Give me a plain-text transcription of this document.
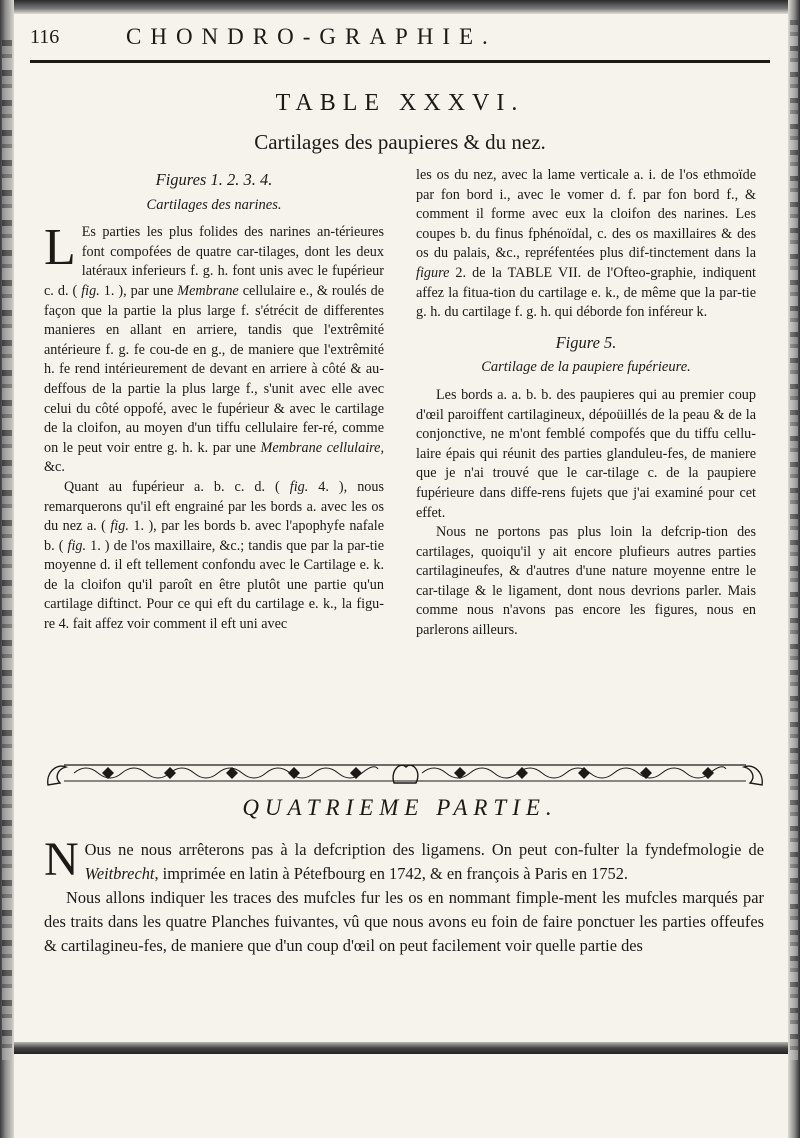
116	CHONDRO-GRAPHIE.
TABLE XXXVI.
Cartilages des paupieres & du nez.
Figures 1. 2. 3. 4.
Cartilages des narines.

L Es parties les plus folides des narines an-térieures font compofées de quatre car-tilages, dont les deux latéraux inferieurs f. g. h. font unis avec le fupérieur c. d. ( fig. 1. ), par une Membrane cellulaire e., & roulés de façon que la partie la plus large f. s'étrécit de differentes manieres en allant en arriere, tandis que l'extrêmité antérieure f. g. fe cou-de en g., de maniere que l'extrêmité h. fe rend intérieurement de devant en arriere à côté & au-deffous de la partie la plus large f., s'unit avec elle avec celui du côté oppofé, avec le fupérieur & avec le cartilage de la cloifon, au moyen d'un tiffu cellulaire fer-ré, comme on le peut voir entre g. h. k. par une Membrane cellulaire, &c.

Quant au fupérieur a. b. c. d. ( fig. 4. ), nous remarquerons qu'il eft engrainé par les bords a. avec les os du nez a. ( fig. 1. ), par les bords b. avec l'apophyfe nafale b. ( fig. 1. ) de l'os maxillaire, &c.; tandis que par la par-tie moyenne d. il eft tellement confondu avec le Cartilage e. k. de la cloifon qu'il paroît en être plutôt une partie qu'un cartilage diftinct. Pour ce qui eft du cartilage e. k., la figu-re 4. fait affez voir comment il eft uni avec

les os du nez, avec la lame verticale a. i. de l'os ethmoïde par fon bord i., avec le vomer d. f. par fon bord f., & comment il forme avec eux la cloifon des narines. Les coupes b. du finus fphénoïdal, c. des os maxillaires & des os du palais, &c., repréfentées plus dif-tinctement dans la figure 2. de la TABLE VII. de l'Ofteo-graphie, indiquent affez la fitua-tion du cartilage e. k., de même que la par-tie g. h. du cartilage f. g. h. qui déborde fon inféreur k.

Figure 5.
Cartilage de la paupiere fupérieure.

Les bords a. a. b. b. des paupieres qui au premier coup d'œil paroiffent cartilagineux, dépoüillés de la peau & de la conjonctive, ne m'ont femblé compofés que du tiffu cellu-laire épais qui réunit des parties glanduleu-fes, de maniere que je n'ai trouvé que le car-tilage c. de la paupiere fupérieure dans diffe-rens fujets que j'ai examiné pour cet effet.

Nous ne portons pas plus loin la defcrip-tion des cartilages, quoiqu'il y ait encore plufieurs autres parties cartilagineufes, & d'autres d'une nature moyenne entre le car-tilage & le ligament, dont nous devrions parler. Mais comme nous n'avons pas encore les figures, nous en parlerons ailleurs.

QUATRIEME PARTIE.

N Ous ne nous arrêterons pas à la defcription des ligamens. On peut con-fulter la fyndefmologie de Weitbrecht, imprimée en latin à Pétefbourg en 1742, & en françois à Paris en 1752.

Nous allons indiquer les traces des mufcles fur les os en nommant fimple-ment les mufcles marqués par des traits dans les quatre Planches fuivantes, vû que nous avons eu foin de faire ponctuer les parties offeufes & cartilagineu-fes, de maniere que d'un coup d'œil on peut facilement voir quelle partie des
